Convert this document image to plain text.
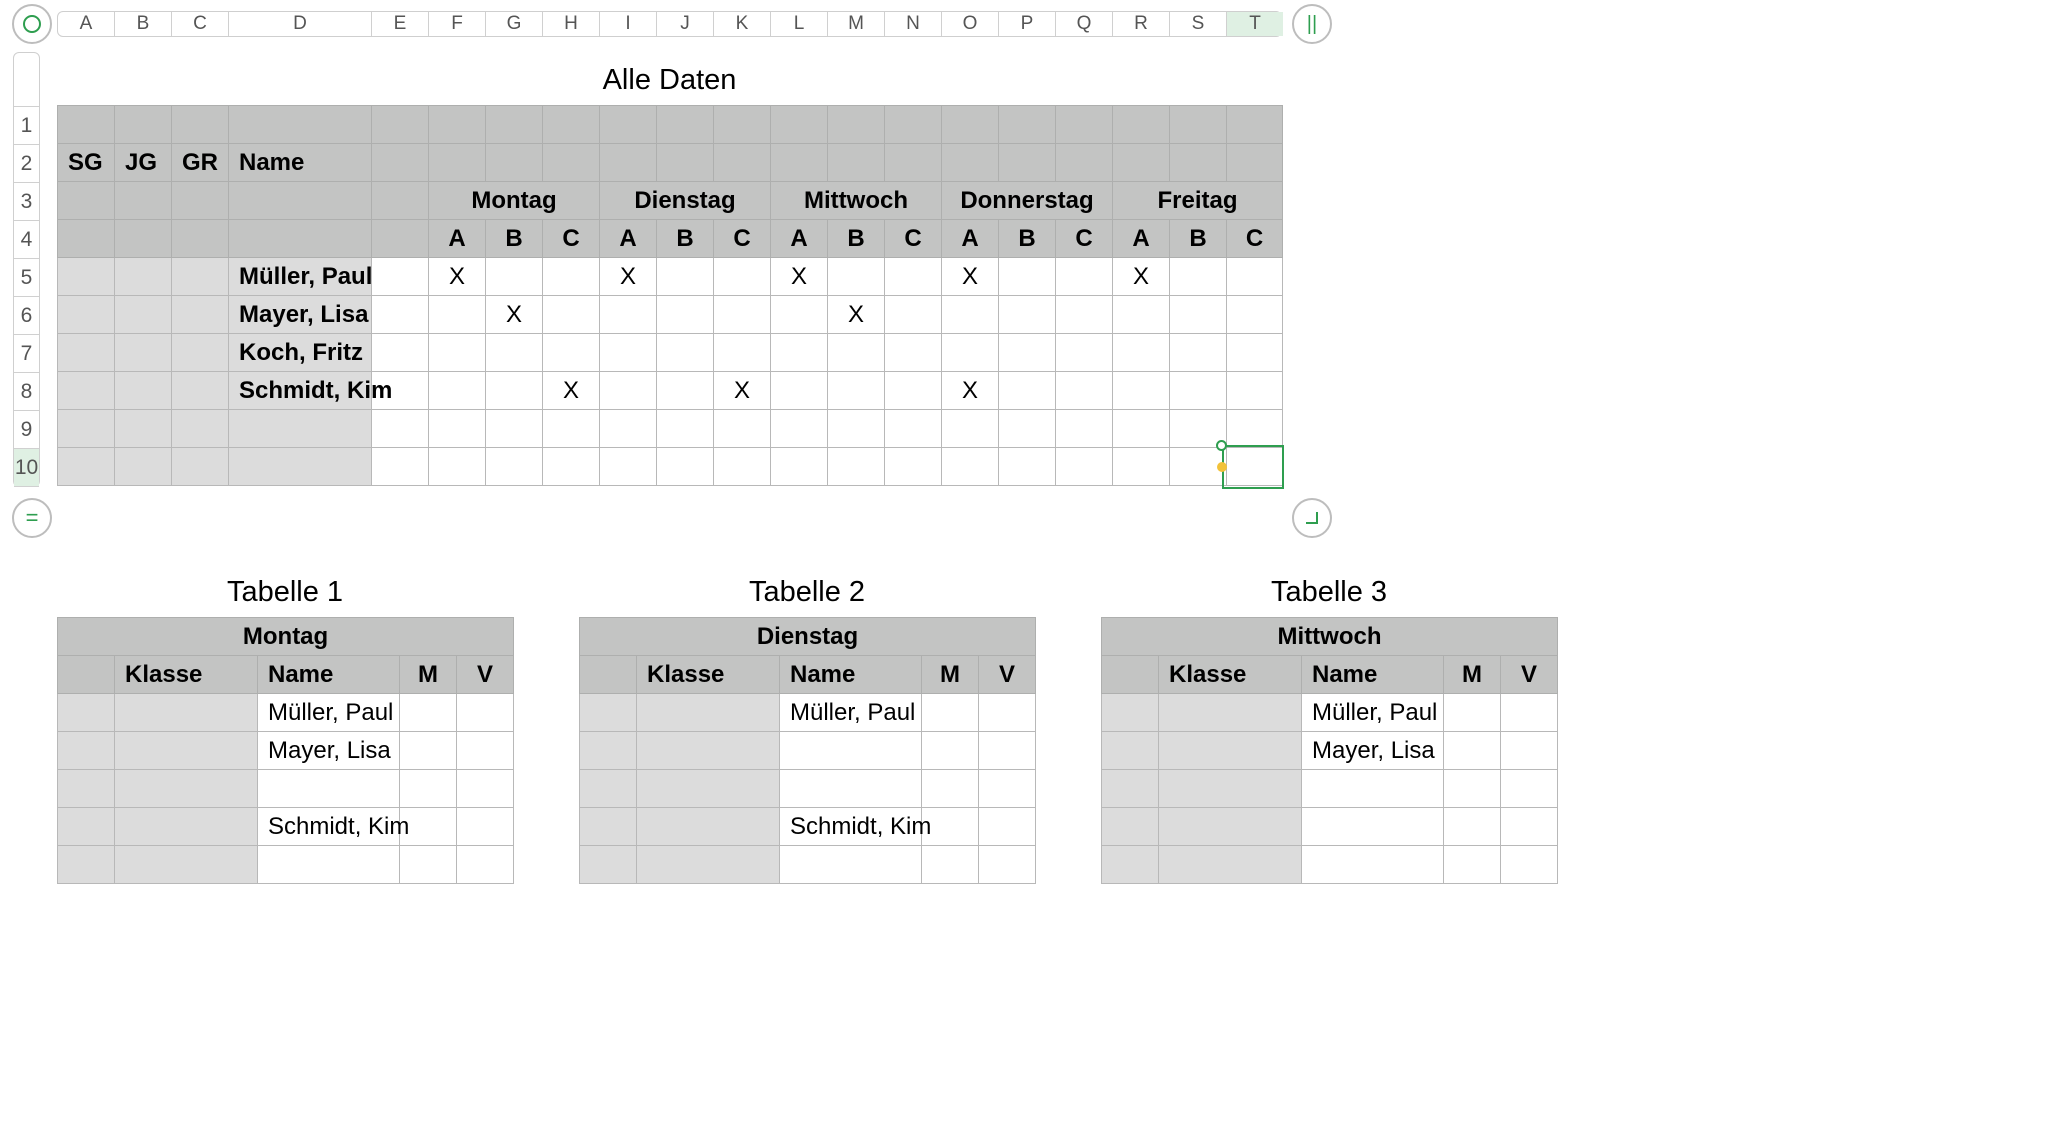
A	B	C	D	E	F	G	H	I	J	K	L	M	N	O	P	Q	R	S	T	||
1
2
3
4
5
6
7
8
9
10
=
Alle Daten

SG	JG	GR	Name																
					Montag			Dienstag			Mittwoch			Donnerstag			Freitag		
					A	B	C	A	B	C	A	B	C	A	B	C	A	B	C
			Müller, Paul		X			X			X			X			X		
			Mayer, Lisa			X						X							
			Koch, Fritz																
			Schmidt, Kim				X			X				X					

Tabelle 1
Montag				
	Klasse	Name	M	V
		Müller, Paul		
		Mayer, Lisa		

		Schmidt, Kim		

Tabelle 2
Dienstag				
	Klasse	Name	M	V
		Müller, Paul		

		Schmidt, Kim		

Tabelle 3
Mittwoch				
	Klasse	Name	M	V
		Müller, Paul		
		Mayer, Lisa		
